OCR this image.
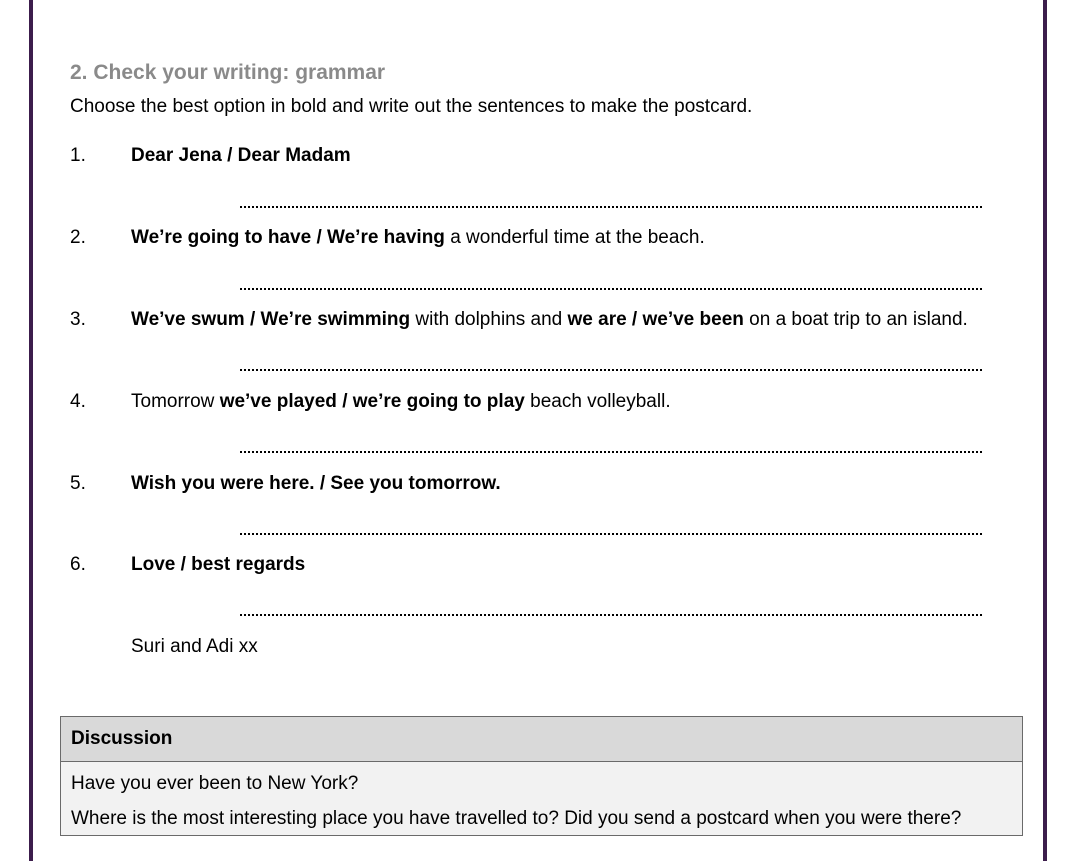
2. Check your writing: grammar
Choose the best option in bold and write out the sentences to make the postcard.
1. Dear Jena / Dear Madam
2. We’re going to have / We’re having a wonderful time at the beach.
3. We’ve swum / We’re swimming with dolphins and we are / we’ve been on a boat trip to an island.
4. Tomorrow we’ve played / we’re going to play beach volleyball.
5. Wish you were here. / See you tomorrow.
6. Love / best regards
Suri and Adi xx
Discussion
Have you ever been to New York?
Where is the most interesting place you have travelled to? Did you send a postcard when you were there?
